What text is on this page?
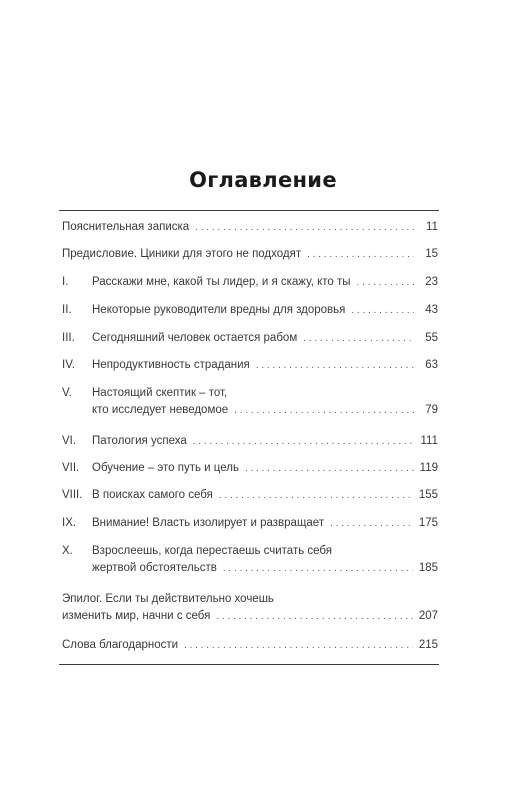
Оглавление
Пояснительная записка . . .	11
Предисловие. Циники для этого не подходят . . .	15
I.	Расскажи мне, какой ты лидер, и я скажу, кто ты . . .	23
II.	Некоторые руководители вредны для здоровья . . .	43
III.	Сегодняшний человек остается рабом . . .	55
IV.	Непродуктивность страдания . . .	63
V.	Настоящий скептик – тот,
кто исследует неведомое . . .	79
VI.	Патология успеха . . .	111
VII.	Обучение – это путь и цель . . .	119
VIII. В поисках самого себя . . .	155
IX.	Внимание! Власть изолирует и развращает . . .	175
X.	Взрослеешь, когда перестаешь считать себя
жертвой обстоятельств . . .	185
Эпилог. Если ты действительно хочешь
изменить мир, начни с себя . . .	207
Слова благодарности . . .	215
